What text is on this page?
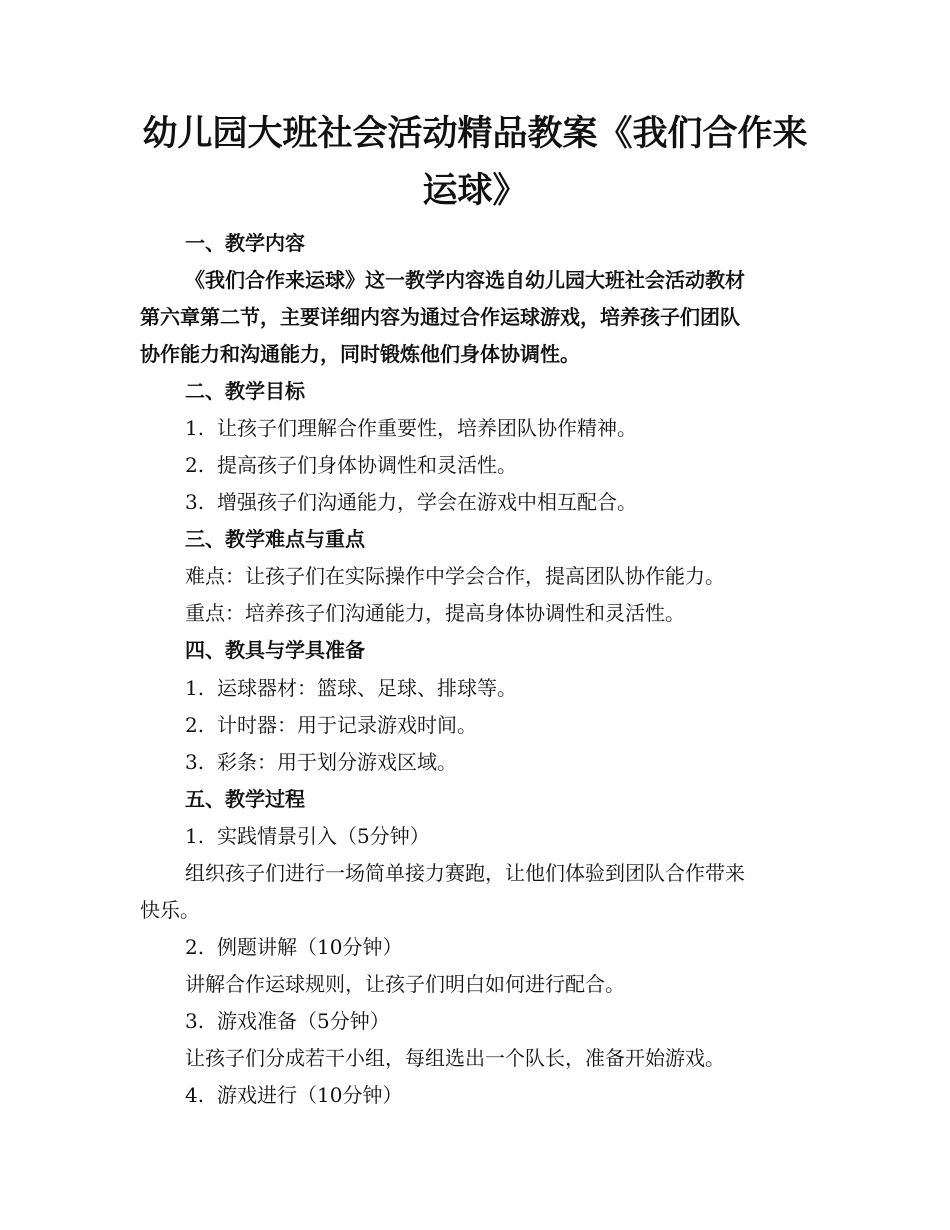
幼儿园大班社会活动精品教案《我们合作来
运球》

一、教学内容

《我们合作来运球》这一教学内容选自幼儿园大班社会活动教材

第六章第二节，主要详细内容为通过合作运球游戏，培养孩子们团队

协作能力和沟通能力，同时锻炼他们身体协调性。

二、教学目标

1. 让孩子们理解合作重要性，培养团队协作精神。

2. 提高孩子们身体协调性和灵活性。

3. 增强孩子们沟通能力，学会在游戏中相互配合。

三、教学难点与重点

难点：让孩子们在实际操作中学会合作，提高团队协作能力。

重点：培养孩子们沟通能力，提高身体协调性和灵活性。

四、教具与学具准备

1. 运球器材：篮球、足球、排球等。

2. 计时器：用于记录游戏时间。

3. 彩条：用于划分游戏区域。

五、教学过程

1. 实践情景引入（5分钟）

组织孩子们进行一场简单接力赛跑，让他们体验到团队合作带来

快乐。

2. 例题讲解（10分钟）

讲解合作运球规则，让孩子们明白如何进行配合。

3. 游戏准备（5分钟）

让孩子们分成若干小组，每组选出一个队长，准备开始游戏。

4. 游戏进行（10分钟）
